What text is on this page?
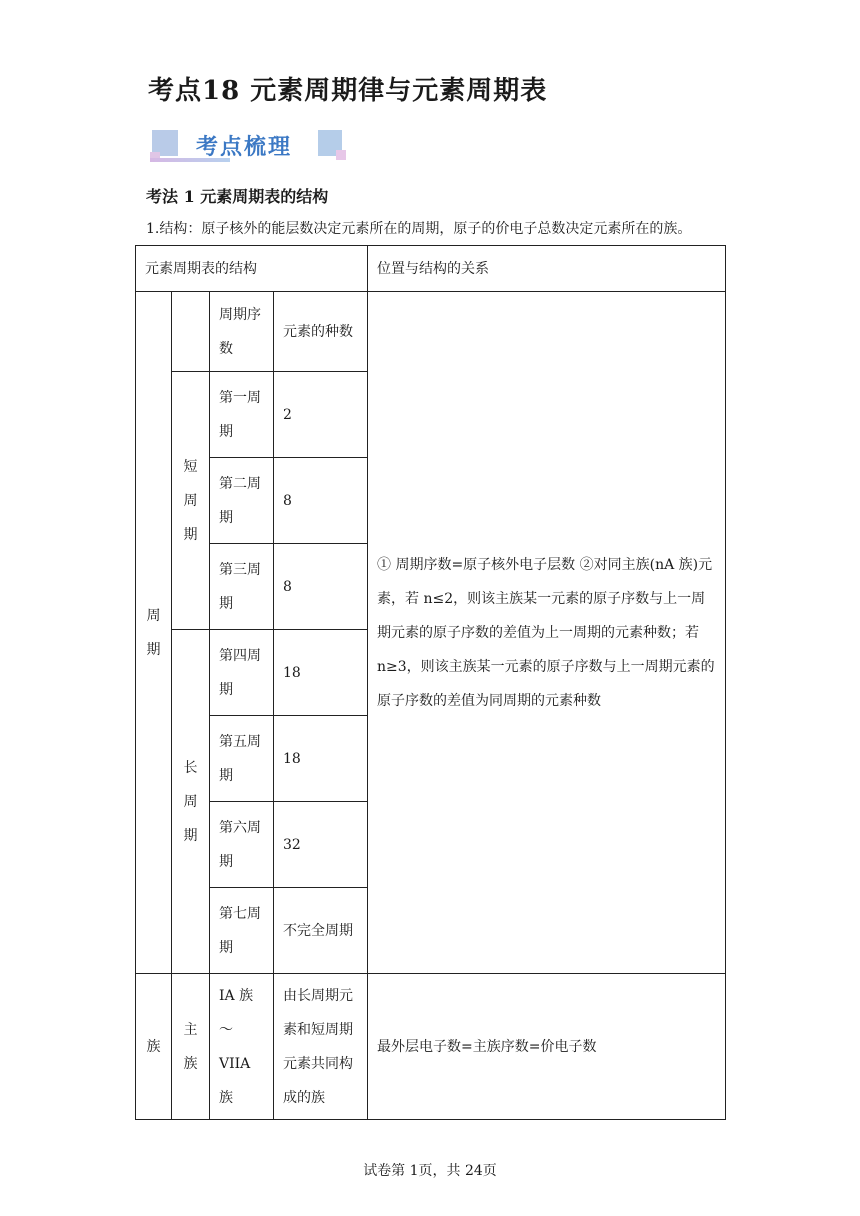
考点18 元素周期律与元素周期表
考点梳理
考法 1 元素周期表的结构

1.结构：原子核外的能层数决定元素所在的周期，原子的价电子总数决定元素所在的族。

元素周期表的结构				位置与结构的关系
周期		周期序数	元素的种数	① 周期序数=原子核外电子层数 ②对同主族(nA 族)元素，若 n≤2，则该主族某一元素的原子序数与上一周期元素的原子序数的差值为上一周期的元素种数；若 n≥3，则该主族某一元素的原子序数与上一周期元素的原子序数的差值为同周期的元素种数
	短周期	第一周期	2	
		第二周期	8	
		第三周期	8	
	长周期	第四周期	18	
		第五周期	18	
		第六周期	32	
		第七周期	不完全周期	
族	主族	IA 族～VIIA 族	由长周期元素和短周期元素共同构成的族	最外层电子数=主族序数=价电子数

试卷第 1页，共 24页
